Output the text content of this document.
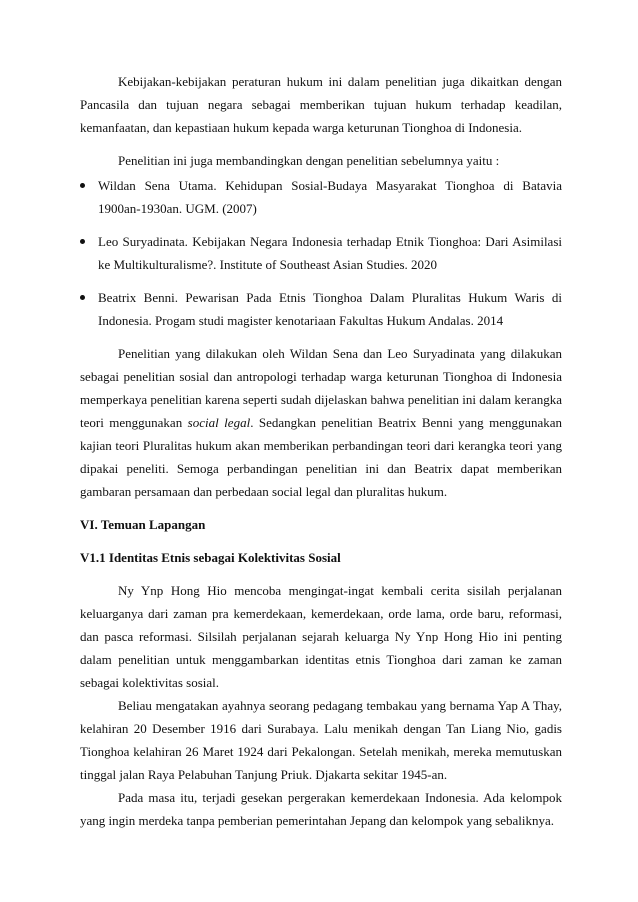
Kebijakan-kebijakan peraturan hukum ini dalam penelitian juga dikaitkan dengan Pancasila dan tujuan negara sebagai memberikan tujuan hukum terhadap keadilan, kemanfaatan, dan kepastiaan hukum kepada warga keturunan Tionghoa di Indonesia.

Penelitian ini juga membandingkan dengan penelitian sebelumnya yaitu :

Wildan Sena Utama. Kehidupan Sosial-Budaya Masyarakat Tionghoa di Batavia 1900an-1930an. UGM. (2007)
Leo Suryadinata. Kebijakan Negara Indonesia terhadap Etnik Tionghoa: Dari Asimilasi ke Multikulturalisme?. Institute of Southeast Asian Studies. 2020
Beatrix Benni. Pewarisan Pada Etnis Tionghoa Dalam Pluralitas Hukum Waris di Indonesia. Progam studi magister kenotariaan Fakultas Hukum Andalas. 2014

Penelitian yang dilakukan oleh Wildan Sena dan Leo Suryadinata yang dilakukan sebagai penelitian sosial dan antropologi terhadap warga keturunan Tionghoa di Indonesia memperkaya penelitian karena seperti sudah dijelaskan bahwa penelitian ini dalam kerangka teori menggunakan social legal. Sedangkan penelitian Beatrix Benni yang menggunakan kajian teori Pluralitas hukum akan memberikan perbandingan teori dari kerangka teori yang dipakai peneliti. Semoga perbandingan penelitian ini dan Beatrix dapat memberikan gambaran persamaan dan perbedaan social legal dan pluralitas hukum.

VI. Temuan Lapangan
V1.1 Identitas Etnis sebagai Kolektivitas Sosial

Ny Ynp Hong Hio mencoba mengingat-ingat kembali cerita sisilah perjalanan keluarganya dari zaman pra kemerdekaan, kemerdekaan, orde lama, orde baru, reformasi, dan pasca reformasi. Silsilah perjalanan sejarah keluarga Ny Ynp Hong Hio ini penting dalam penelitian untuk menggambarkan identitas etnis Tionghoa dari zaman ke zaman sebagai kolektivitas sosial.

Beliau mengatakan ayahnya seorang pedagang tembakau yang bernama Yap A Thay, kelahiran 20 Desember 1916 dari Surabaya. Lalu menikah dengan Tan Liang Nio, gadis Tionghoa kelahiran 26 Maret 1924 dari Pekalongan. Setelah menikah, mereka memutuskan tinggal jalan Raya Pelabuhan Tanjung Priuk. Djakarta sekitar 1945-an.

Pada masa itu, terjadi gesekan pergerakan kemerdekaan Indonesia. Ada kelompok yang ingin merdeka tanpa pemberian pemerintahan Jepang dan kelompok yang sebaliknya.
